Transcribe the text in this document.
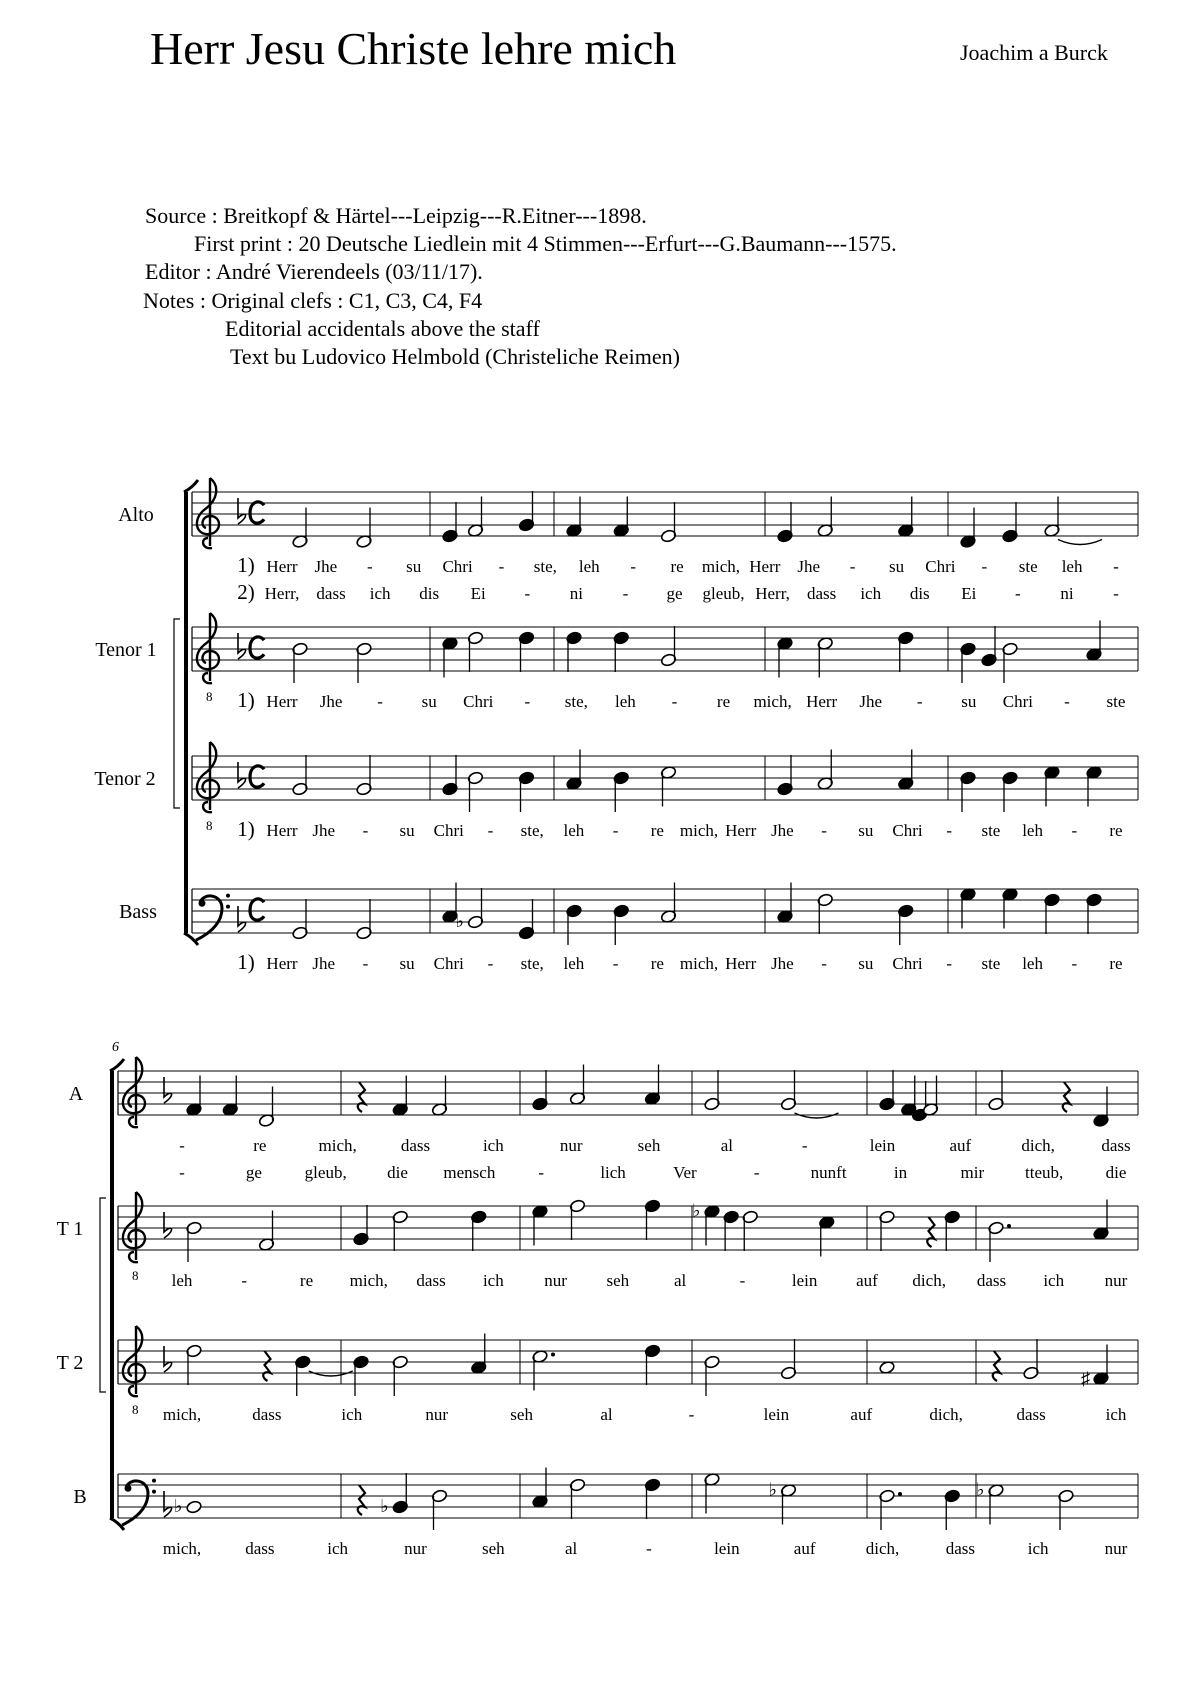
Herr Jesu Christe lehre mich	Joachim a Burck
Source : Breitkopf & Härtel---Leipzig---R.Eitner---1898.
First print : 20 Deutsche Liedlein mit 4 Stimmen---Erfurt---G.Baumann---1575.
Editor : André Vierendeels (03/11/17).
Notes : Original clefs : C1, C3, C4, F4
Editorial accidentals above the staff
Text bu Ludovico Helmbold (Christeliche Reimen)
Alto
1) Herr Jhe - su Chri - ste, leh - re mich, Herr Jhe - su Chri - ste leh -
2) Herr, dass ich dis Ei - ni - ge gleub, Herr, dass ich dis Ei - ni -
Tenor 1
8 1) Herr Jhe - su Chri - ste, leh - re mich, Herr Jhe - su Chri - ste
Tenor 2
8 1) Herr Jhe - su Chri - ste, leh - re mich, Herr Jhe - su Chri - ste leh - re
Bass	♭
1) Herr Jhe - su Chri - ste, leh - re mich, Herr Jhe - su Chri - ste leh - re
6
A
-	re	mich,	dass	ich	nur	seh	al	-	lein	auf	dich,	dass
-	ge	gleub, die mensch	-	lich	Ver	-	nunft	in	mir tteub, die
T 1
8
♭
leh	-	re mich, dass ich nur seh	al	-	lein auf dich, dass ich nur
T 2
8
♯
mich,	dass	ich	nur	seh	al	-	lein	auf	dich,	dass	ich
B	♭	♭
♭	♭
mich,	dass	ich	nur	seh	al	-	lein	auf	dich,	dass	ich	nur
